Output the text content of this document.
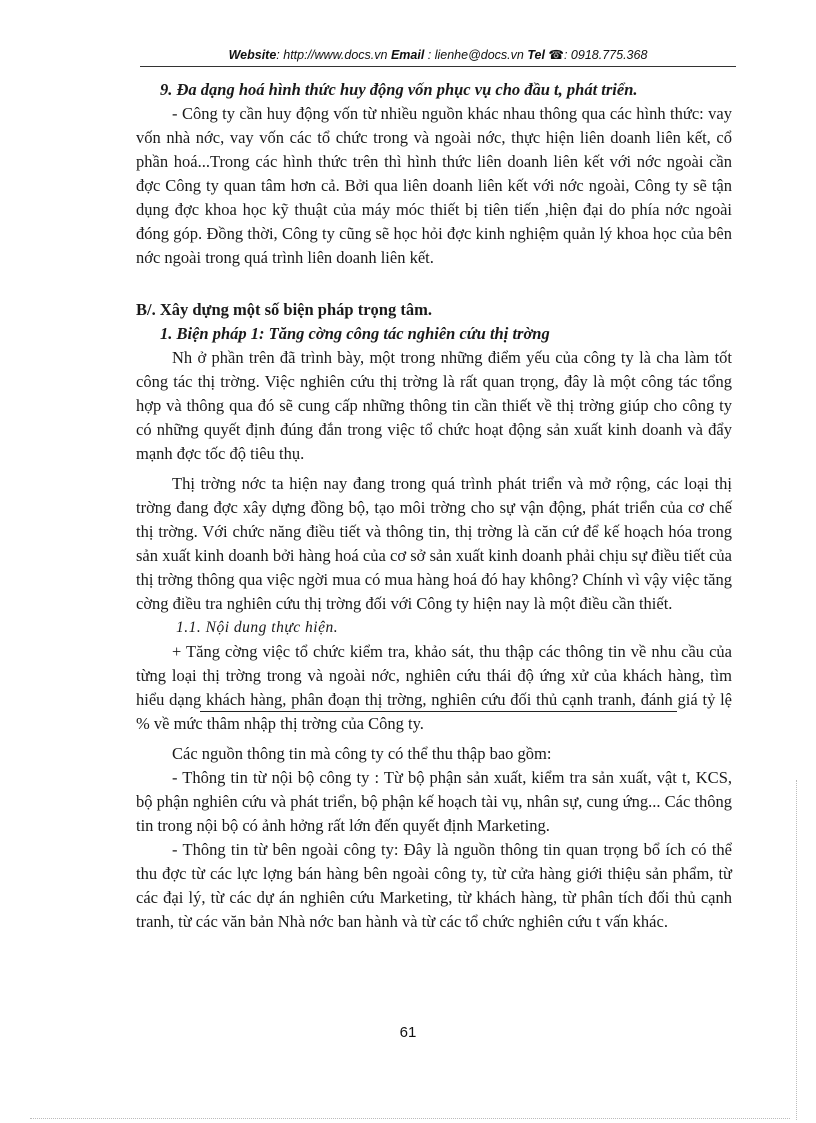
Website: http://www.docs.vn Email : lienhe@docs.vn Tel ☎: 0918.775.368

9. Đa dạng hoá hình thức huy động vốn phục vụ cho đầu t, phát triển.

- Công ty cần huy động vốn từ nhiều nguồn khác nhau thông qua các hình thức: vay vốn nhà nớc, vay vốn các tổ chức trong và ngoài nớc, thực hiện liên doanh liên kết, cổ phần hoá...Trong các hình thức trên thì hình thức liên doanh liên kết với nớc ngoài cần đợc Công ty quan tâm hơn cả. Bởi qua liên doanh liên kết với nớc ngoài, Công ty sẽ tận dụng đợc khoa học kỹ thuật của máy móc thiết bị tiên tiến ,hiện đại do phía nớc ngoài đóng góp. Đồng thời, Công ty cũng sẽ học hỏi đợc kinh nghiệm quản lý khoa học của bên nớc ngoài trong quá trình liên doanh liên kết.

B/. Xây dựng một số biện pháp trọng tâm.

1. Biện pháp 1: Tăng cờng công tác nghiên cứu thị trờng

Nh ở phần trên đã trình bày, một trong những điểm yếu của công ty là cha làm tốt công tác thị trờng. Việc nghiên cứu thị trờng là rất quan trọng, đây là một công tác tổng hợp và thông qua đó sẽ cung cấp những thông tin cần thiết về thị trờng giúp cho công ty có những quyết định đúng đắn trong việc tổ chức hoạt động sản xuất kinh doanh và đẩy mạnh đợc tốc độ tiêu thụ.

Thị trờng nớc ta hiện nay đang trong quá trình phát triển và mở rộng, các loại thị trờng đang đợc xây dựng đồng bộ, tạo môi trờng cho sự vận động, phát triển của cơ chế thị trờng. Với chức năng điều tiết và thông tin, thị trờng là căn cứ để kế hoạch hóa trong sản xuất kinh doanh bởi hàng hoá của cơ sở sản xuất kinh doanh phải chịu sự điều tiết của thị trờng thông qua việc ngời mua có mua hàng hoá đó hay không? Chính vì vậy việc tăng cờng điều tra nghiên cứu thị trờng đối với Công ty hiện nay là một điều cần thiết.

1.1. Nội dung thực hiện.

+ Tăng cờng việc tổ chức kiểm tra, khảo sát, thu thập các thông tin về nhu cầu của từng loại thị trờng trong và ngoài nớc, nghiên cứu thái độ ứng xử của khách hàng, tìm hiểu dạng khách hàng, phân đoạn thị trờng, nghiên cứu đối thủ cạnh tranh, đánh giá tỷ lệ % về mức thâm nhập thị trờng của Công ty.

Các nguồn thông tin mà công ty có thể thu thập bao gồm:

- Thông tin từ nội bộ công ty : Từ bộ phận sản xuất, kiểm tra sản xuất, vật t, KCS, bộ phận nghiên cứu và phát triển, bộ phận kế hoạch tài vụ, nhân sự, cung ứng... Các thông tin trong nội bộ có ảnh hởng rất lớn đến quyết định Marketing.

- Thông tin từ bên ngoài công ty: Đây là nguồn thông tin quan trọng bổ ích có thể thu đợc từ các lực lợng bán hàng bên ngoài công ty, từ cửa hàng giới thiệu sản phẩm, từ các đại lý, từ các dự án nghiên cứu Marketing, từ khách hàng, từ phân tích đối thủ cạnh tranh, từ các văn bản Nhà nớc ban hành và từ các tổ chức nghiên cứu t vấn khác.

61
